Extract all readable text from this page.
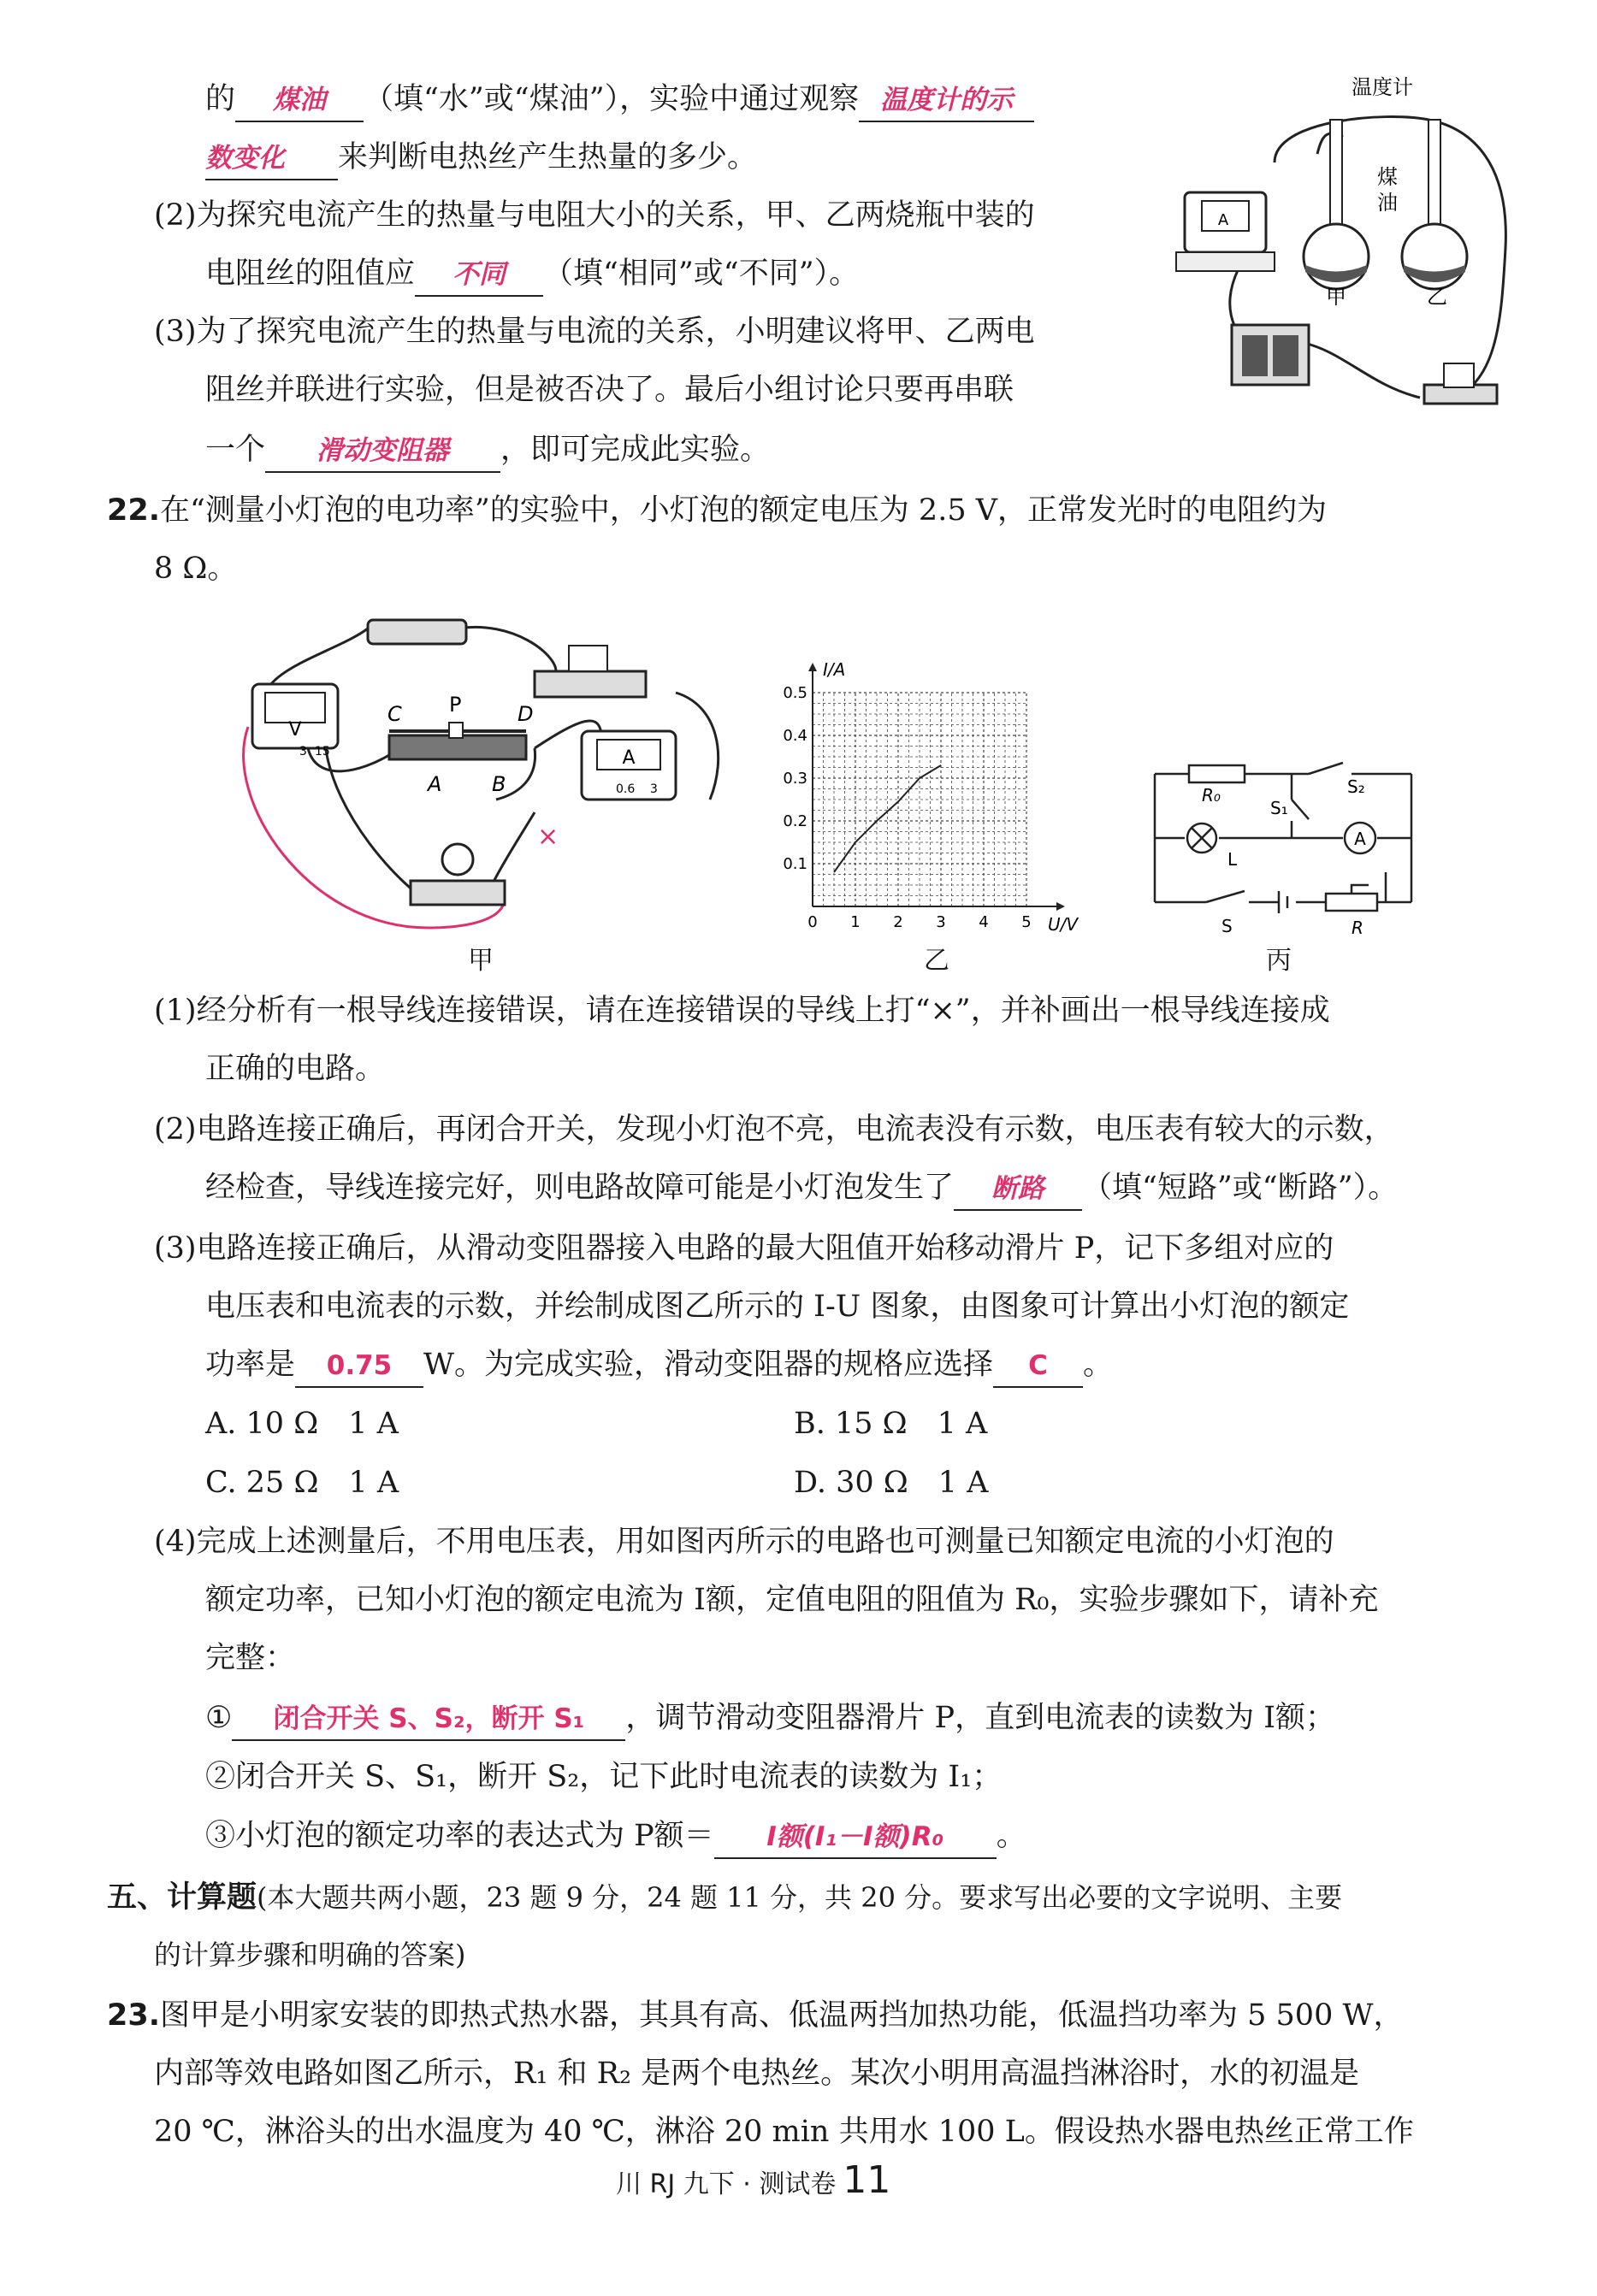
的 煤油 （填“水”或“煤油”），实验中通过观察 温度计的示
数变化 来判断电热丝产生热量的多少。
(2)为探究电流产生的热量与电阻大小的关系，甲、乙两烧瓶中装的
电阻丝的阻值应 不同 （填“相同”或“不同”）。
(3)为了探究电流产生的热量与电流的关系，小明建议将甲、乙两电
阻丝并联进行实验，但是被否决了。最后小组讨论只要再串联
一个 滑动变阻器 ，即可完成此实验。
A
温度计
煤
油
甲	乙
22.在“测量小灯泡的电功率”的实验中，小灯泡的额定电压为 2.5 V，正常发光时的电阻约为
8 Ω。
×
V
3 15
C P	D
A B
A
0.6 3
甲
0 1 2 3 4 5
0.1
0.2
0.3
0.4
0.5
I/A
U/V
乙
R₀
S₁
S₂
L
A
S	R
丙
(1)经分析有一根导线连接错误，请在连接错误的导线上打“×”，并补画出一根导线连接成
正确的电路。
(2)电路连接正确后，再闭合开关，发现小灯泡不亮，电流表没有示数，电压表有较大的示数，
经检查，导线连接完好，则电路故障可能是小灯泡发生了 断路 （填“短路”或“断路”）。
(3)电路连接正确后，从滑动变阻器接入电路的最大阻值开始移动滑片 P，记下多组对应的
电压表和电流表的示数，并绘制成图乙所示的 I-U 图象，由图象可计算出小灯泡的额定
功率是 0.75 W。为完成实验，滑动变阻器的规格应选择 C 。
A. 10 Ω　1 A	B. 15 Ω　1 A
C. 25 Ω　1 A	D. 30 Ω　1 A
(4)完成上述测量后，不用电压表，用如图丙所示的电路也可测量已知额定电流的小灯泡的
额定功率，已知小灯泡的额定电流为 I额，定值电阻的阻值为 R₀，实验步骤如下，请补充
完整：
① 闭合开关 S、S₂，断开 S₁ ，调节滑动变阻器滑片 P，直到电流表的读数为 I额；
②闭合开关 S、S₁，断开 S₂，记下此时电流表的读数为 I₁；
③小灯泡的额定功率的表达式为 P额＝ I额(I₁－I额)R₀ 。
五、计算题(本大题共两小题，23 题 9 分，24 题 11 分，共 20 分。要求写出必要的文字说明、主要
的计算步骤和明确的答案)
23.图甲是小明家安装的即热式热水器，其具有高、低温两挡加热功能，低温挡功率为 5 500 W，
内部等效电路如图乙所示，R₁ 和 R₂ 是两个电热丝。某次小明用高温挡淋浴时，水的初温是
20 ℃，淋浴头的出水温度为 40 ℃，淋浴 20 min 共用水 100 L。假设热水器电热丝正常工作
川 RJ 九下 · 测试卷 11
